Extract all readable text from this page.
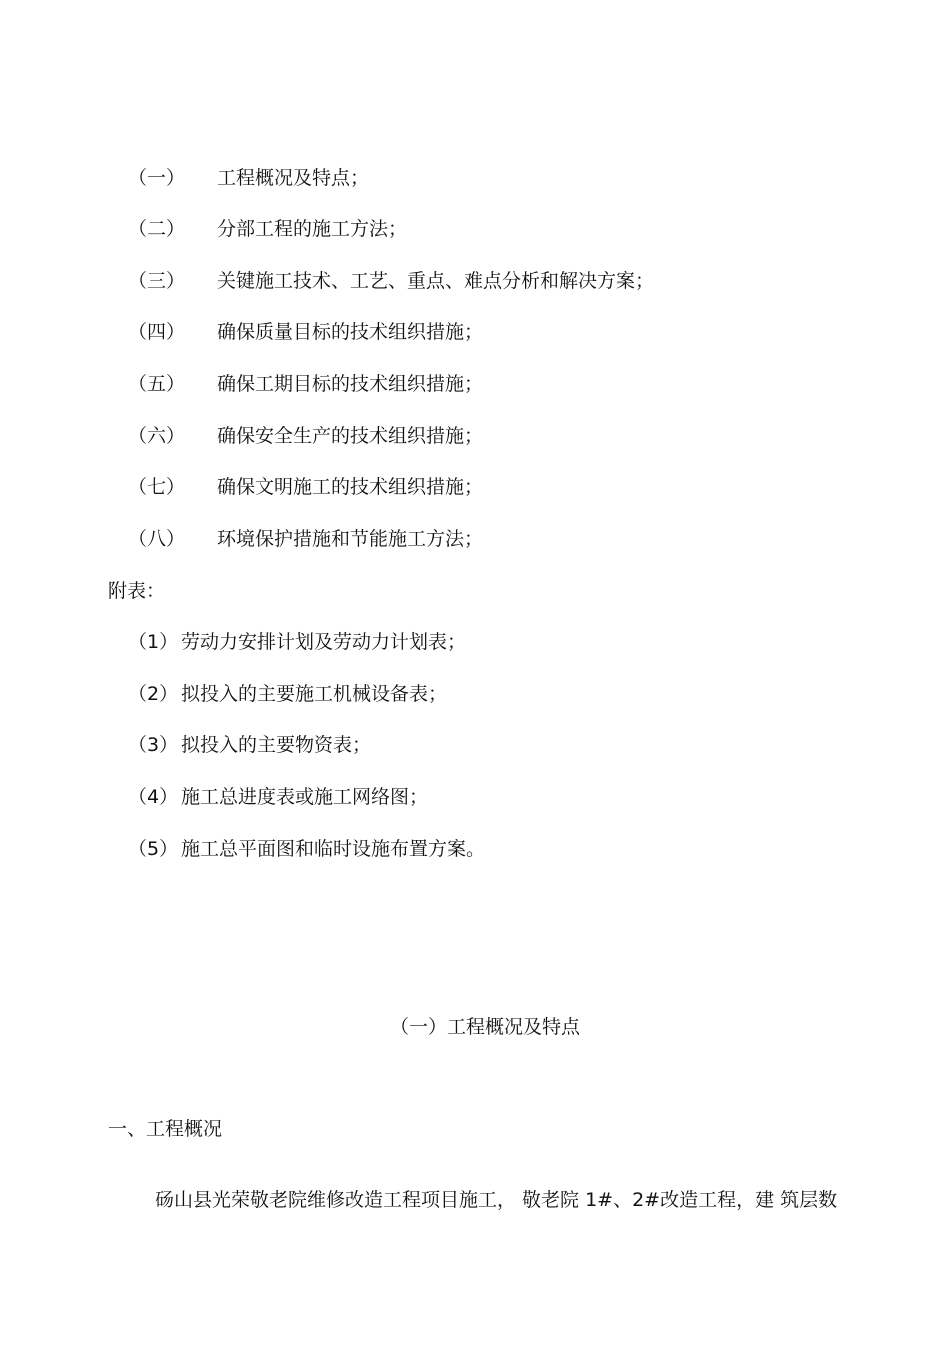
（一） 工程概况及特点；
（二） 分部工程的施工方法；
（三） 关键施工技术、工艺、重点、难点分析和解决方案；
（四） 确保质量目标的技术组织措施；
（五） 确保工期目标的技术组织措施；
（六） 确保安全生产的技术组织措施；
（七） 确保文明施工的技术组织措施；
（八） 环境保护措施和节能施工方法；
附表：
（1） 劳动力安排计划及劳动力计划表；
（2） 拟投入的主要施工机械设备表；
（3） 拟投入的主要物资表；
（4） 施工总进度表或施工网络图；
（5） 施工总平面图和临时设施布置方案。
（一）工程概况及特点
一、工程概况
砀山县光荣敬老院维修改造工程项目施工， 敬老院 1#、2#改造工程，建 筑层数
